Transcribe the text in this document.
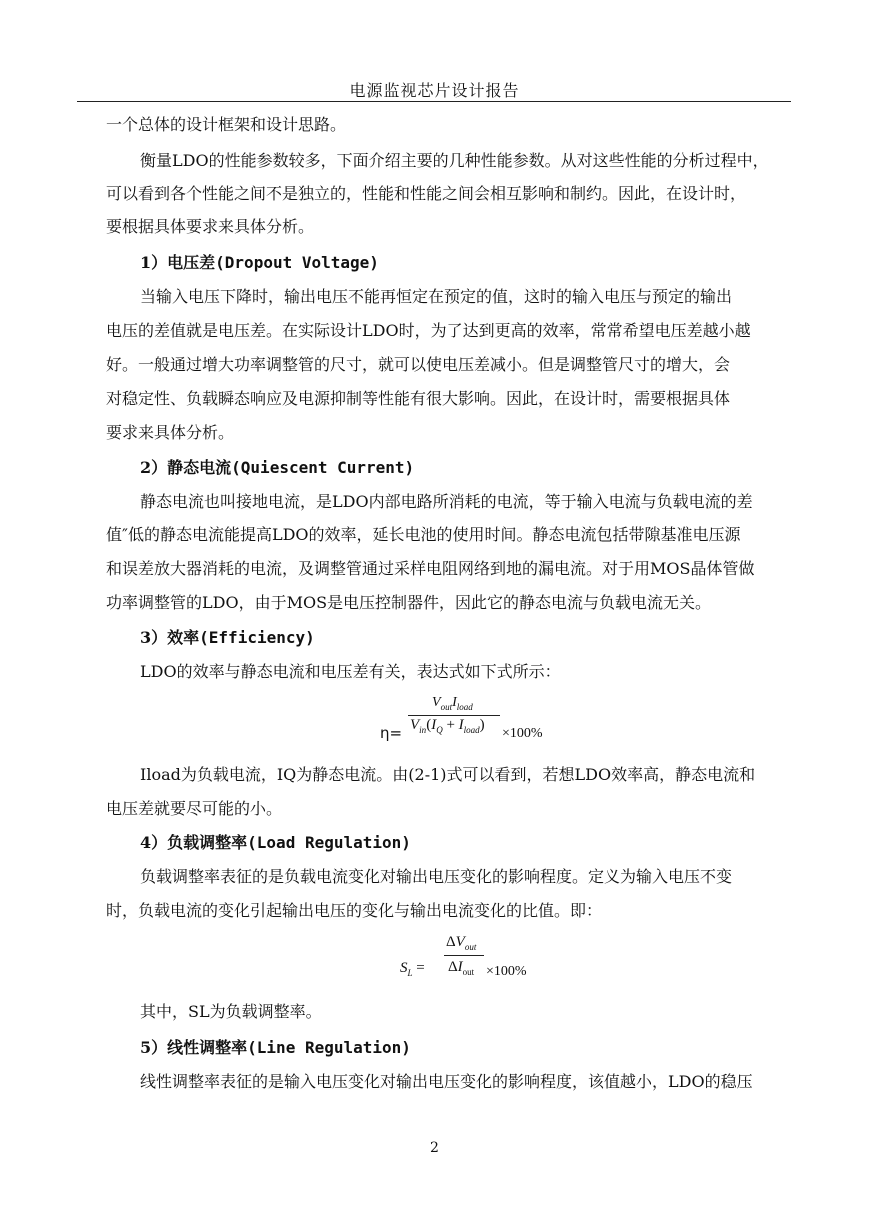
电源监视芯片设计报告
一个总体的设计框架和设计思路。
衡量LDO的性能参数较多，下面介绍主要的几种性能参数。从对这些性能的分析过程中，
可以看到各个性能之间不是独立的，性能和性能之间会相互影响和制约。因此，在设计时，
要根据具体要求来具体分析。
1）电压差(Dropout Voltage)
当输入电压下降时，输出电压不能再恒定在预定的值，这时的输入电压与预定的输出
电压的差值就是电压差。在实际设计LDO时，为了达到更高的效率，常常希望电压差越小越
好。一般通过增大功率调整管的尺寸，就可以使电压差减小。但是调整管尺寸的增大，会
对稳定性、负载瞬态响应及电源抑制等性能有很大影响。因此，在设计时，需要根据具体
要求来具体分析。
2）静态电流(Quiescent Current)
静态电流也叫接地电流，是LDO内部电路所消耗的电流，等于输入电流与负载电流的差
值″低的静态电流能提高LDO的效率，延长电池的使用时间。静态电流包括带隙基准电压源
和误差放大器消耗的电流，及调整管通过采样电阻网络到地的漏电流。对于用MOS晶体管做
功率调整管的LDO，由于MOS是电压控制器件，因此它的静态电流与负载电流无关。
3）效率(Efficiency)
LDO的效率与静态电流和电压差有关，表达式如下式所示：
η=
$V_{out}I_{load}$
$V_{in}(I_Q + I_{load})$
×100%
Iload为负载电流，IQ为静态电流。由(2-1)式可以看到，若想LDO效率高，静态电流和
电压差就要尽可能的小。
4）负载调整率(Load Regulation)
负载调整率表征的是负载电流变化对输出电压变化的影响程度。定义为输入电压不变
时，负载电流的变化引起输出电压的变化与输出电流变化的比值。即：
$S_L$ =
$\Delta V_{out}$
$\Delta I_{out} \times 100\%$
其中，SL为负载调整率。
5）线性调整率(Line Regulation)
线性调整率表征的是输入电压变化对输出电压变化的影响程度，该值越小，LDO的稳压
2
